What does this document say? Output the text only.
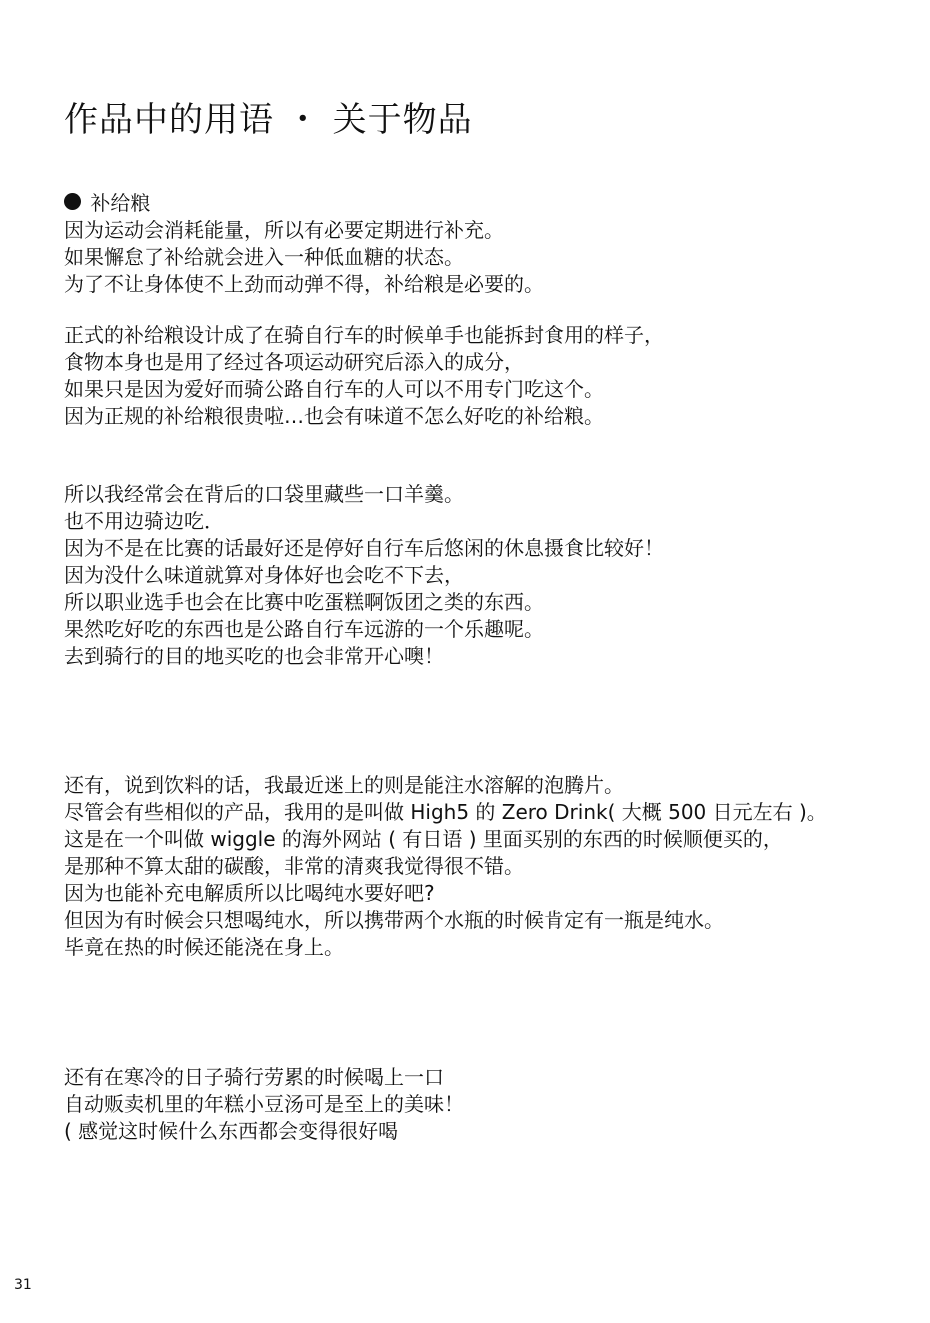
作品中的用语 ・ 关于物品
补给粮
因为运动会消耗能量，所以有必要定期进行补充。
如果懈怠了补给就会进入一种低血糖的状态。
为了不让身体使不上劲而动弹不得，补给粮是必要的。
正式的补给粮设计成了在骑自行车的时候单手也能拆封食用的样子，
食物本身也是用了经过各项运动研究后添入的成分，
如果只是因为爱好而骑公路自行车的人可以不用专门吃这个。
因为正规的补给粮很贵啦…也会有味道不怎么好吃的补给粮。
所以我经常会在背后的口袋里藏些一口羊羹。
也不用边骑边吃．
因为不是在比赛的话最好还是停好自行车后悠闲的休息摄食比较好！
因为没什么味道就算对身体好也会吃不下去，
所以职业选手也会在比赛中吃蛋糕啊饭团之类的东西。
果然吃好吃的东西也是公路自行车远游的一个乐趣呢。
去到骑行的目的地买吃的也会非常开心噢！
还有，说到饮料的话，我最近迷上的则是能注水溶解的泡腾片。
尽管会有些相似的产品，我用的是叫做 High5 的 Zero Drink( 大概 500 日元左右 )。
这是在一个叫做 wiggle 的海外网站 ( 有日语 ) 里面买别的东西的时候顺便买的，
是那种不算太甜的碳酸，非常的清爽我觉得很不错。
因为也能补充电解质所以比喝纯水要好吧?
但因为有时候会只想喝纯水，所以携带两个水瓶的时候肯定有一瓶是纯水。
毕竟在热的时候还能浇在身上。
还有在寒冷的日子骑行劳累的时候喝上一口
自动贩卖机里的年糕小豆汤可是至上的美味！
( 感觉这时候什么东西都会变得很好喝
31
